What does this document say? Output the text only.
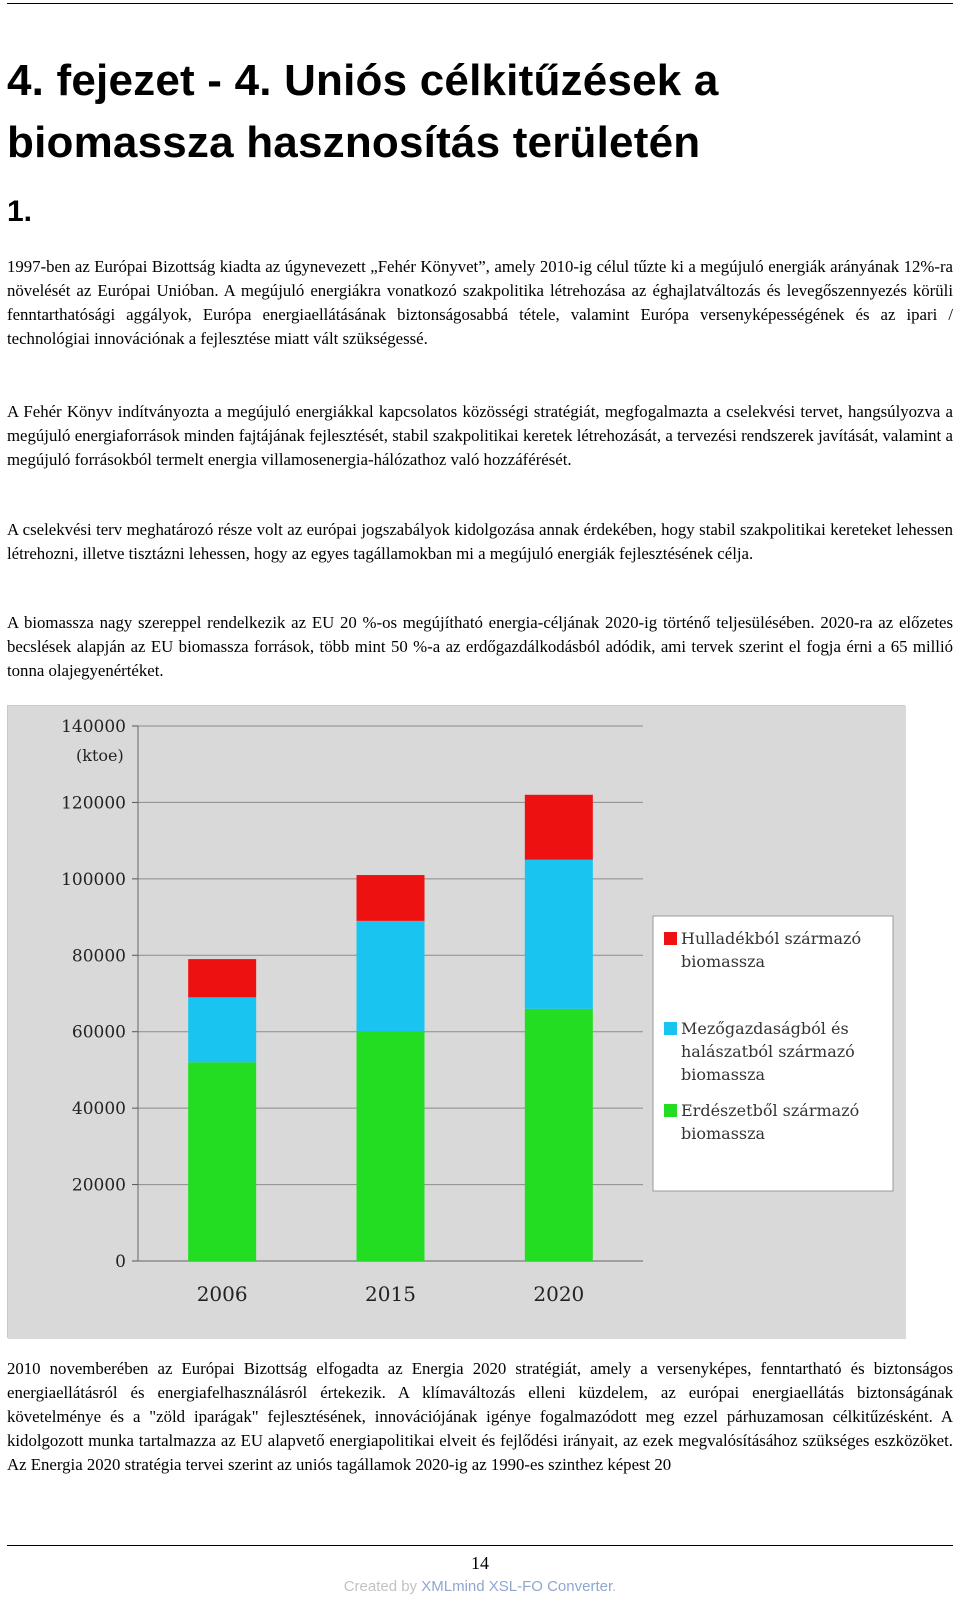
4. fejezet - 4. Uniós célkitűzések a biomassza hasznosítás területén
1.

1997-ben az Európai Bizottság kiadta az úgynevezett „Fehér Könyvet”, amely 2010-ig célul tűzte ki a megújuló energiák arányának 12%-ra növelését az Európai Unióban. A megújuló energiákra vonatkozó szakpolitika létrehozása az éghajlatváltozás és levegőszennyezés körüli fenntarthatósági aggályok, Európa energiaellátásának biztonságosabbá tétele, valamint Európa versenyképességének és az ipari / technológiai innovációnak a fejlesztése miatt vált szükségessé.

A Fehér Könyv indítványozta a megújuló energiákkal kapcsolatos közösségi stratégiát, megfogalmazta a cselekvési tervet, hangsúlyozva a megújuló energiaforrások minden fajtájának fejlesztését, stabil szakpolitikai keretek létrehozását, a tervezési rendszerek javítását, valamint a megújuló forrásokból termelt energia villamosenergia-hálózathoz való hozzáférését.

A cselekvési terv meghatározó része volt az európai jogszabályok kidolgozása annak érdekében, hogy stabil szakpolitikai kereteket lehessen létrehozni, illetve tisztázni lehessen, hogy az egyes tagállamokban mi a megújuló energiák fejlesztésének célja.

A biomassza nagy szereppel rendelkezik az EU 20 %-os megújítható energia-céljának 2020-ig történő teljesülésében. 2020-ra az előzetes becslések alapján az EU biomassza források, több mint 50 %-a az erdőgazdálkodásból adódik, ami tervek szerint el fogja érni a 65 millió tonna olajegyenértéket.

0
20000
40000
60000
80000
100000
120000
140000
(ktoe)
2006	2015	2020
Hulladékból származó biomassza
Mezőgazdaságból és halászatból származó biomassza
Erdészetből származó biomassza

2010 novemberében az Európai Bizottság elfogadta az Energia 2020 stratégiát, amely a versenyképes, fenntartható és biztonságos energiaellátásról és energiafelhasználásról értekezik. A klímaváltozás elleni küzdelem, az európai energiaellátás biztonságának követelménye és a "zöld iparágak" fejlesztésének, innovációjának igénye fogalmazódott meg ezzel párhuzamosan célkitűzésként. A kidolgozott munka tartalmazza az EU alapvető energiapolitikai elveit és fejlődési irányait, az ezek megvalósításához szükséges eszközöket. Az Energia 2020 stratégia tervei szerint az uniós tagállamok 2020-ig az 1990-es szinthez képest 20

14
Created by XMLmind XSL-FO Converter.
